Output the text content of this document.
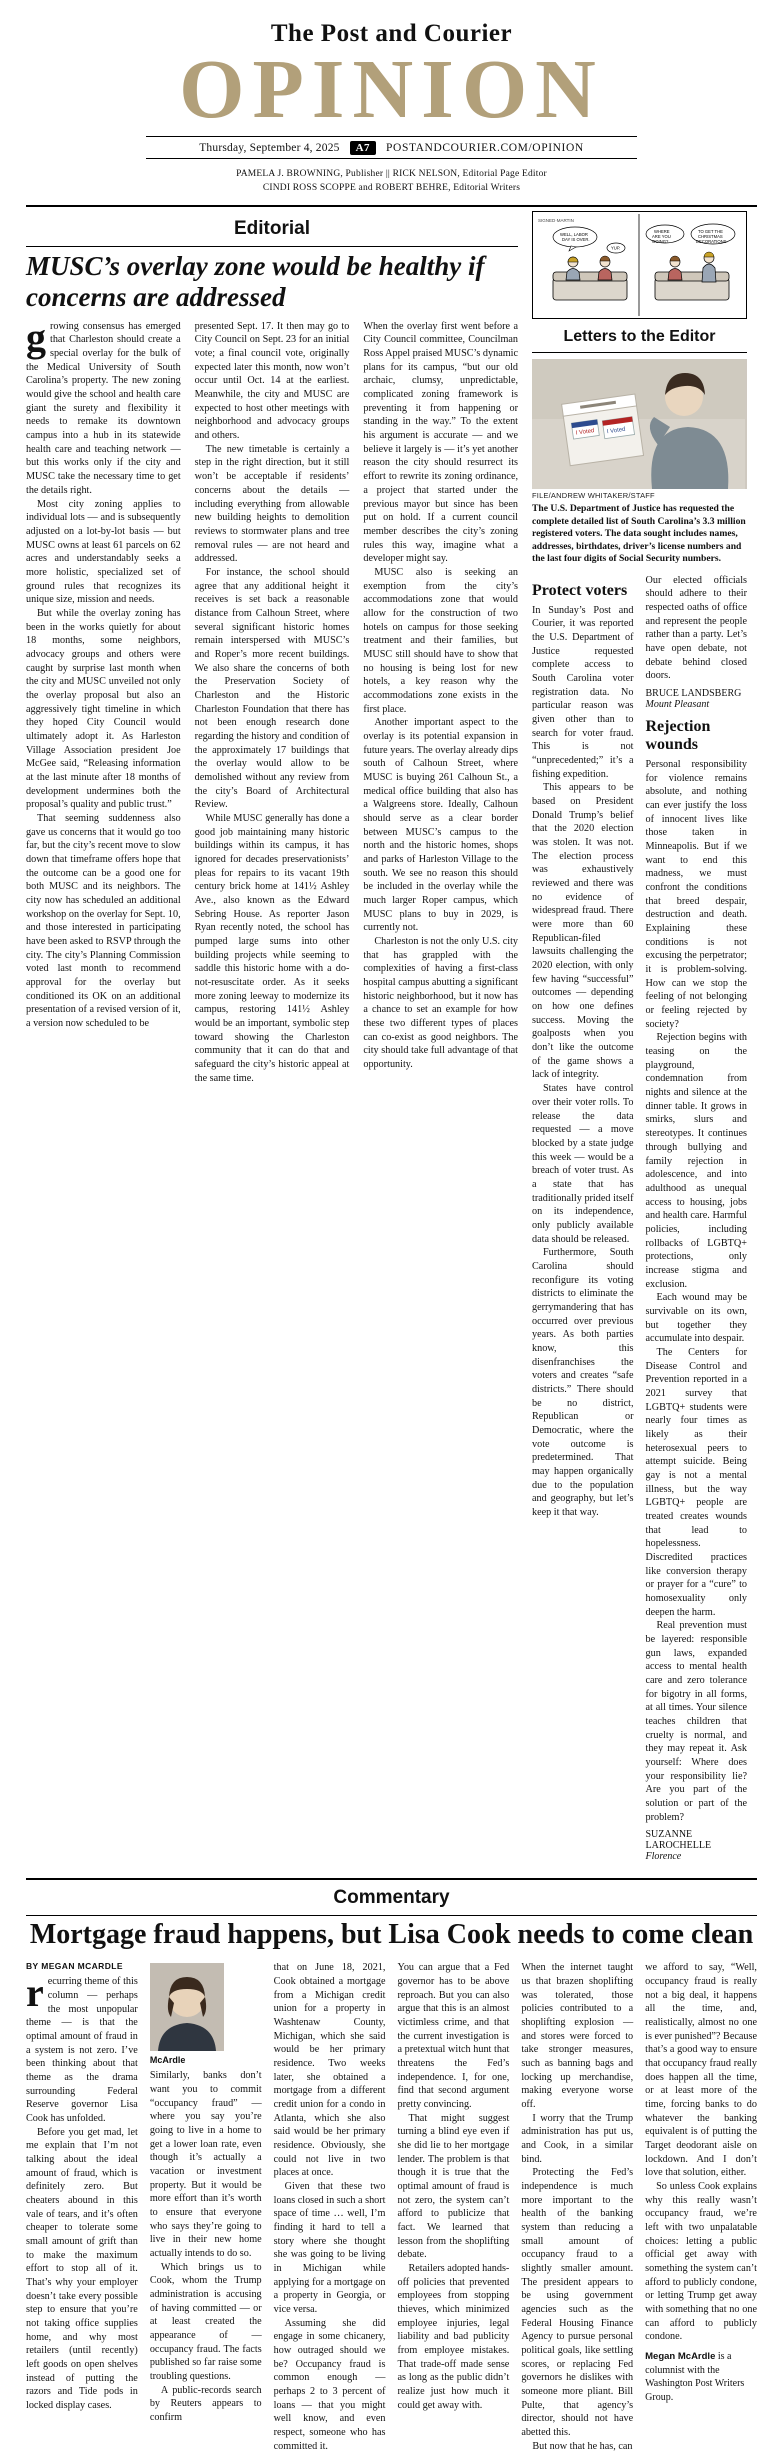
The Post and Courier
OPINION
Thursday, September 4, 2025	A7	POSTANDCOURIER.COM/OPINION
PAMELA J. BROWNING, Publisher || RICK NELSON, Editorial Page Editor
CINDI ROSS SCOPPE and ROBERT BEHRE, Editorial Writers
Editorial
MUSC’s overlay zone would be healthy if concerns are addressed

growing consensus has emerged that Charleston should create a special overlay for the bulk of the Medical University of South Carolina’s property. The new zoning would give the school and health care giant the surety and flexibility it needs to remake its downtown campus into a hub in its statewide health care and teaching network — but this works only if the city and MUSC take the necessary time to get the details right.

Most city zoning applies to individual lots — and is subsequently adjusted on a lot-by-lot basis — but MUSC owns at least 61 parcels on 62 acres and understandably seeks a more holistic, specialized set of ground rules that recognizes its unique size, mission and needs.

But while the overlay zoning has been in the works quietly for about 18 months, some neighbors, advocacy groups and others were caught by surprise last month when the city and MUSC unveiled not only the overlay proposal but also an aggressively tight timeline in which they hoped City Council would ultimately adopt it. As Harleston Village Association president Joe McGee said, “Releasing information at the last minute after 18 months of development undermines both the proposal’s quality and public trust.”

That seeming suddenness also gave us concerns that it would go too far, but the city’s recent move to slow down that timeframe offers hope that the outcome can be a good one for both MUSC and its neighbors. The city now has scheduled an additional workshop on the overlay for Sept. 10, and those interested in participating have been asked to RSVP through the city. The city’s Planning Commission voted last month to recommend approval for the overlay but conditioned its OK on an additional presentation of a revised version of it, a version now scheduled to be

presented Sept. 17. It then may go to City Council on Sept. 23 for an initial vote; a final council vote, originally expected later this month, now won’t occur until Oct. 14 at the earliest. Meanwhile, the city and MUSC are expected to host other meetings with neighborhood and advocacy groups and others.

The new timetable is certainly a step in the right direction, but it still won’t be acceptable if residents’ concerns about the details — including everything from allowable new building heights to demolition reviews to stormwater plans and tree removal rules — are not heard and addressed.

For instance, the school should agree that any additional height it receives is set back a reasonable distance from Calhoun Street, where several significant historic homes remain interspersed with MUSC’s and Roper’s more recent buildings. We also share the concerns of both the Preservation Society of Charleston and the Historic Charleston Foundation that there has not been enough research done regarding the history and condition of the approximately 17 buildings that the overlay would allow to be demolished without any review from the city’s Board of Architectural Review.

While MUSC generally has done a good job maintaining many historic buildings within its campus, it has ignored for decades preservationists’ pleas for repairs to its vacant 19th century brick home at 141½ Ashley Ave., also known as the Edward Sebring House. As reporter Jason Ryan recently noted, the school has pumped large sums into other building projects while seeming to saddle this historic home with a do-not-resuscitate order. As it seeks more zoning leeway to modernize its campus, restoring 141½ Ashley would be an important, symbolic step toward showing the Charleston community that it can do that and safeguard the city’s historic appeal at the same time.

When the overlay first went before a City Council committee, Councilman Ross Appel praised MUSC’s dynamic plans for its campus, “but our old archaic, clumsy, unpredictable, complicated zoning framework is preventing it from happening or standing in the way.” To the extent his argument is accurate — and we believe it largely is — it’s yet another reason the city should resurrect its effort to rewrite its zoning ordinance, a project that started under the previous mayor but since has been put on hold. If a current council member describes the city’s zoning rules this way, imagine what a developer might say.

MUSC also is seeking an exemption from the city’s accommodations zone that would allow for the construction of two hotels on campus for those seeking treatment and their families, but MUSC still should have to show that no housing is being lost for new hotels, a key reason why the accommodations zone exists in the first place.

Another important aspect to the overlay is its potential expansion in future years. The overlay already dips south of Calhoun Street, where MUSC is buying 261 Calhoun St., a medical office building that also has a Walgreens store. Ideally, Calhoun should serve as a clear border between MUSC’s campus to the north and the historic homes, shops and parks of Harleston Village to the south. We see no reason this should be included in the overlay while the much larger Roper campus, which MUSC plans to buy in 2029, is currently not.

Charleston is not the only U.S. city that has grappled with the complexities of having a first-class hospital campus abutting a significant historic neighborhood, but it now has a chance to set an example for how these two different types of places can co-exist as good neighbors. The city should take full advantage of that opportunity.

SIGNED·MARTIN
WELL, LABOR
DAY IS OVER.
YUP.
WHERE
ARE YOU
GOING?
TO GET THE
CHRISTMAS
DECORATIONS.
Letters to the Editor
I Voted I Voted
FILE/ANDREW WHITAKER/STAFF
The U.S. Department of Justice has requested the complete detailed list of South Carolina’s 3.3 million registered voters. The data sought includes names, addresses, birthdates, driver’s license numbers and the last four digits of Social Security numbers.
Protect voters

In Sunday’s Post and Courier, it was reported the U.S. Department of Justice requested complete access to South Carolina voter registration data. No particular reason was given other than to search for voter fraud. This is not “unprecedented;” it’s a fishing expedition.

This appears to be based on President Donald Trump’s belief that the 2020 election was stolen. It was not. The election process was exhaustively reviewed and there was no evidence of widespread fraud. There were more than 60 Republican-filed lawsuits challenging the 2020 election, with only few having “successful” outcomes — depending on how one defines success. Moving the goalposts when you don’t like the outcome of the game shows a lack of integrity.

States have control over their voter rolls. To release the data requested — a move blocked by a state judge this week — would be a breach of voter trust. As a state that has traditionally prided itself on its independence, only publicly available data should be released.

Furthermore, South Carolina should reconfigure its voting districts to eliminate the gerrymandering that has occurred over previous years. As both parties know, this disenfranchises the voters and creates “safe districts.” There should be no district, Republican or Democratic, where the vote outcome is predetermined. That may happen organically due to the population and geography, but let’s keep it that way.

Our elected officials should adhere to their respected oaths of office and represent the people rather than a party. Let’s have open debate, not debate behind closed doors.

BRUCE LANDSBERG
Mount Pleasant
Rejection wounds

Personal responsibility for violence remains absolute, and nothing can ever justify the loss of innocent lives like those taken in Minneapolis. But if we want to end this madness, we must confront the conditions that breed despair, destruction and death. Explaining these conditions is not excusing the perpetrator; it is problem-solving. How can we stop the feeling of not belonging or feeling rejected by society?

Rejection begins with teasing on the playground, condemnation from nights and silence at the dinner table. It grows in smirks, slurs and stereotypes. It continues through bullying and family rejection in adolescence, and into adulthood as unequal access to housing, jobs and health care. Harmful policies, including rollbacks of LGBTQ+ protections, only increase stigma and exclusion.

Each wound may be survivable on its own, but together they accumulate into despair.

The Centers for Disease Control and Prevention reported in a 2021 survey that LGBTQ+ students were nearly four times as likely as their heterosexual peers to attempt suicide. Being gay is not a mental illness, but the way LGBTQ+ people are treated creates wounds that lead to hopelessness. Discredited practices like conversion therapy or prayer for a “cure” to homosexuality only deepen the harm.

Real prevention must be layered: responsible gun laws, expanded access to mental health care and zero tolerance for bigotry in all forms, at all times. Your silence teaches children that cruelty is normal, and they may repeat it. Ask yourself: Where does your responsibility lie? Are you part of the solution or part of the problem?

SUZANNE LAROCHELLE
Florence
Commentary
Mortgage fraud happens, but Lisa Cook needs to come clean
BY MEGAN MCARDLE

recurring theme of this column — perhaps the most unpopular theme — is that the optimal amount of fraud in a system is not zero. I’ve been thinking about that theme as the drama surrounding Federal Reserve governor Lisa Cook has unfolded.

Before you get mad, let me explain that I’m not talking about the ideal amount of fraud, which is definitely zero. But cheaters abound in this vale of tears, and it’s often cheaper to tolerate some small amount of grift than to make the maximum effort to stop all of it. That’s why your employer doesn’t take every possible step to ensure that you’re not taking office supplies home, and why most retailers (until recently) left goods on open shelves instead of putting the razors and Tide pods in locked display cases.

McArdle

Similarly, banks don’t want you to commit “occupancy fraud” — where you say you’re going to live in a home to get a lower loan rate, even though it’s actually a vacation or investment property. But it would be more effort than it’s worth to ensure that everyone who says they’re going to live in their new home actually intends to do so.

Which brings us to Cook, whom the Trump administration is accusing of having committed — or at least created the appearance of — occupancy fraud. The facts published so far raise some troubling questions.

A public-records search by Reuters appears to confirm

that on June 18, 2021, Cook obtained a mortgage from a Michigan credit union for a property in Washtenaw County, Michigan, which she said would be her primary residence. Two weeks later, she obtained a mortgage from a different credit union for a condo in Atlanta, which she also said would be her primary residence. Obviously, she could not live in two places at once.

Given that these two loans closed in such a short space of time … well, I’m finding it hard to tell a story where she thought she was going to be living in Michigan while applying for a mortgage on a property in Georgia, or vice versa.

Assuming she did engage in some chicanery, how outraged should we be? Occupancy fraud is common enough — perhaps 2 to 3 percent of loans — that you might well know, and even respect, someone who has committed it.

You can argue that a Fed governor has to be above reproach. But you can also argue that this is an almost victimless crime, and that the current investigation is a pretextual witch hunt that threatens the Fed’s independence. I, for one, find that second argument pretty convincing.

That might suggest turning a blind eye even if she did lie to her mortgage lender. The problem is that though it is true that the optimal amount of fraud is not zero, the system can’t afford to publicize that fact. We learned that lesson from the shoplifting debate.

Retailers adopted hands-off policies that prevented employees from stopping thieves, which minimized employee injuries, legal liability and bad publicity from employee mistakes. That trade-off made sense as long as the public didn’t realize just how much it could get away with.

When the internet taught us that brazen shoplifting was tolerated, those policies contributed to a shoplifting explosion — and stores were forced to take stronger measures, such as banning bags and locking up merchandise, making everyone worse off.

I worry that the Trump administration has put us, and Cook, in a similar bind.

Protecting the Fed’s independence is much more important to the health of the banking system than reducing a small amount of occupancy fraud to a slightly smaller amount. The president appears to be using government agencies such as the Federal Housing Finance Agency to pursue personal political goals, like settling scores, or replacing Fed governors he dislikes with someone more pliant. Bill Pulte, that agency’s director, should not have abetted this.

But now that he has, can

we afford to say, “Well, occupancy fraud is really not a big deal, it happens all the time, and, realistically, almost no one is ever punished”? Because that’s a good way to ensure that occupancy fraud really does happen all the time, or at least more of the time, forcing banks to do whatever the banking equivalent is of putting the Target deodorant aisle on lockdown. And I don’t love that solution, either.

So unless Cook explains why this really wasn’t occupancy fraud, we’re left with two unpalatable choices: letting a public official get away with something the system can’t afford to publicly condone, or letting Trump get away with something that no one can afford to publicly condone.

Megan McArdle is a columnist with the Washington Post Writers Group.
